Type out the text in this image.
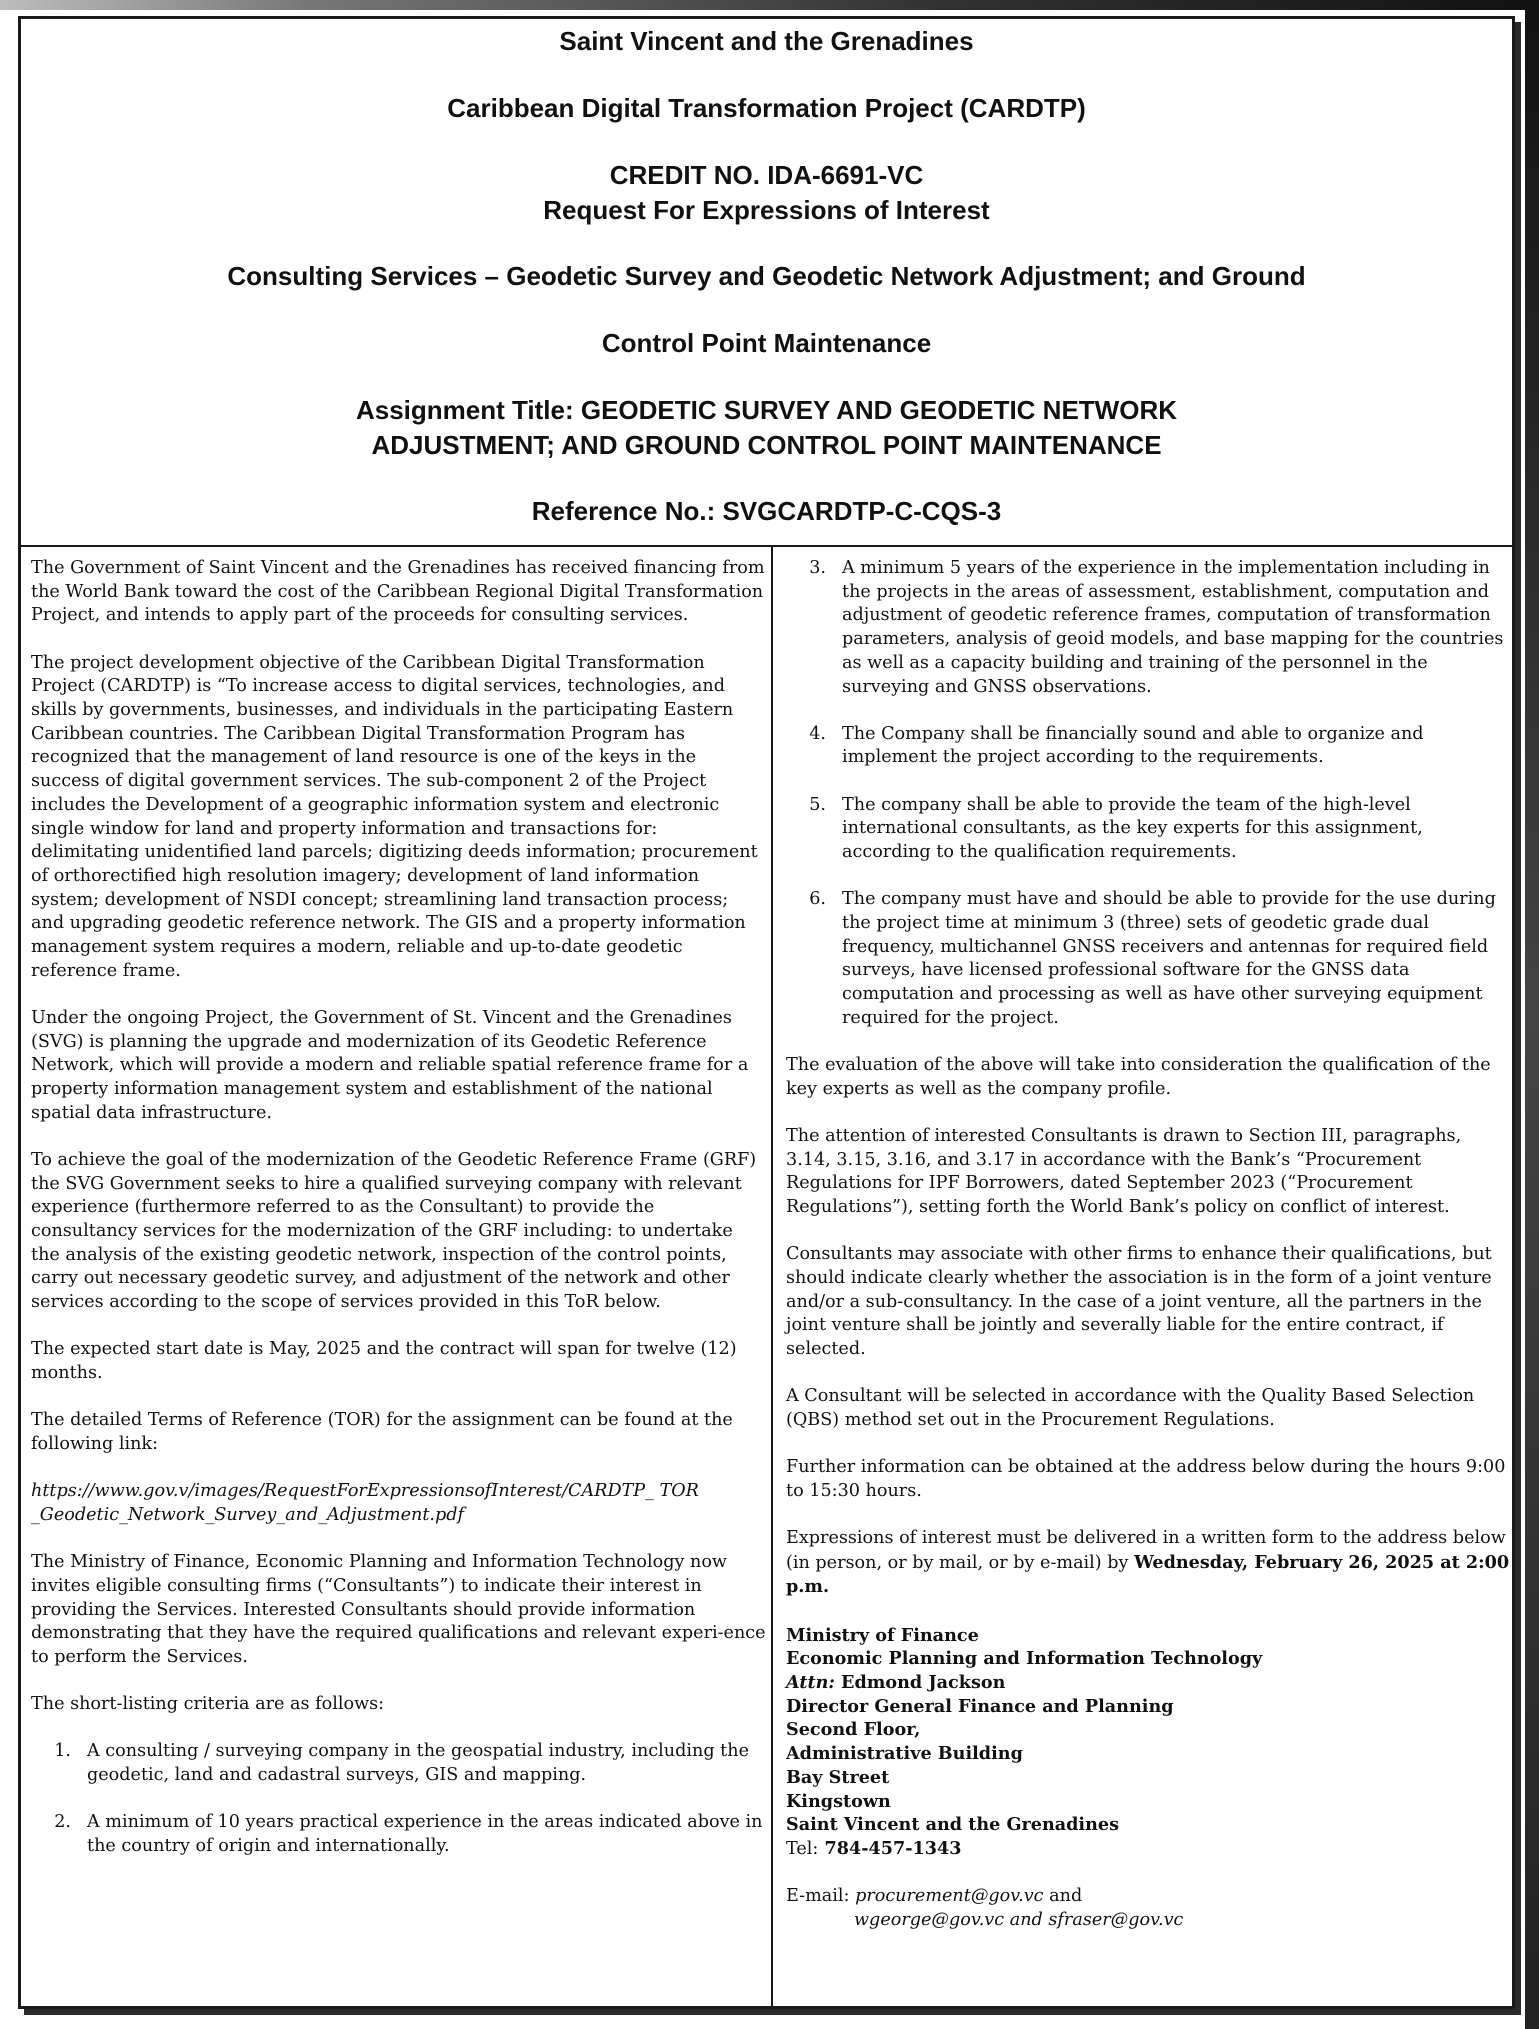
Saint Vincent and the Grenadines
Caribbean Digital Transformation Project (CARDTP)
CREDIT NO. IDA-6691-VC
Request For Expressions of Interest
Consulting Services – Geodetic Survey and Geodetic Network Adjustment; and Ground
Control Point Maintenance
Assignment Title: GEODETIC SURVEY AND GEODETIC NETWORK
ADJUSTMENT; AND GROUND CONTROL POINT MAINTENANCE
Reference No.: SVGCARDTP-C-CQS-3

The Government of Saint Vincent and the Grenadines has received financing from the World Bank toward the cost of the Caribbean Regional Digital Transformation Project, and intends to apply part of the proceeds for consulting services.

The project development objective of the Caribbean Digital Transformation Project (CARDTP) is “To increase access to digital services, technologies, and skills by governments, businesses, and individuals in the participating Eastern Caribbean countries. The Caribbean Digital Transformation Program has recognized that the management of land resource is one of the keys in the success of digital government services. The sub-component 2 of the Project includes the Development of a geographic information system and electronic single window for land and property information and transactions for: delimitating unidentified land parcels; digitizing deeds information; procurement of orthorectified high resolution imagery; development of land information system; development of NSDI concept; streamlining land transaction process; and upgrading geodetic reference network. The GIS and a property information management system requires a modern, reliable and up-to-date geodetic reference frame.

Under the ongoing Project, the Government of St. Vincent and the Grenadines (SVG) is planning the upgrade and modernization of its Geodetic Reference Network, which will provide a modern and reliable spatial reference frame for a property information management system and establishment of the national spatial data infrastructure.

To achieve the goal of the modernization of the Geodetic Reference Frame (GRF) the SVG Government seeks to hire a qualified surveying company with relevant experience (furthermore referred to as the Consultant) to provide the consultancy services for the modernization of the GRF including: to undertake the analysis of the existing geodetic network, inspection of the control points, carry out necessary geodetic survey, and adjustment of the network and other services according to the scope of services provided in this ToR below.

The expected start date is May, 2025 and the contract will span for twelve (12) months.

The detailed Terms of Reference (TOR) for the assignment can be found at the following link:

https://www.gov.v/images/RequestForExpressionsofInterest/CARDTP_ TOR _Geodetic_Network_Survey_and_Adjustment.pdf

The Ministry of Finance, Economic Planning and Information Technology now invites eligible consulting firms (“Consultants”) to indicate their interest in providing the Services. Interested Consultants should provide information demonstrating that they have the required qualifications and relevant experi-ence to perform the Services.

The short-listing criteria are as follows:

1. A consulting / surveying company in the geospatial industry, including the geodetic, land and cadastral surveys, GIS and mapping.
2. A minimum of 10 years practical experience in the areas indicated above in the country of origin and internationally.
3. A minimum 5 years of the experience in the implementation including in the projects in the areas of assessment, establishment, computation and adjustment of geodetic reference frames, computation of transformation parameters, analysis of geoid models, and base mapping for the countries as well as a capacity building and training of the personnel in the surveying and GNSS observations.
4. The Company shall be financially sound and able to organize and implement the project according to the requirements.
5. The company shall be able to provide the team of the high-level international consultants, as the key experts for this assignment, according to the qualification requirements.
6. The company must have and should be able to provide for the use during the project time at minimum 3 (three) sets of geodetic grade dual frequency, multichannel GNSS receivers and antennas for required field surveys, have licensed professional software for the GNSS data computation and processing as well as have other surveying equipment required for the project.

The evaluation of the above will take into consideration the qualification of the key experts as well as the company profile.

The attention of interested Consultants is drawn to Section III, paragraphs, 3.14, 3.15, 3.16, and 3.17 in accordance with the Bank’s “Procurement Regulations for IPF Borrowers, dated September 2023 (“Procurement Regulations”), setting forth the World Bank’s policy on conflict of interest.

Consultants may associate with other firms to enhance their qualifications, but should indicate clearly whether the association is in the form of a joint venture and/or a sub-consultancy. In the case of a joint venture, all the partners in the joint venture shall be jointly and severally liable for the entire contract, if selected.

A Consultant will be selected in accordance with the Quality Based Selection (QBS) method set out in the Procurement Regulations.

Further information can be obtained at the address below during the hours 9:00 to 15:30 hours.

Expressions of interest must be delivered in a written form to the address below (in person, or by mail, or by e-mail) by Wednesday, February 26, 2025 at 2:00 p.m.

Ministry of Finance
Economic Planning and Information Technology
Attn: Edmond Jackson
Director General Finance and Planning
Second Floor,
Administrative Building
Bay Street
Kingstown
Saint Vincent and the Grenadines
Tel: 784-457-1343
E-mail: procurement@gov.vc and
wgeorge@gov.vc and sfraser@gov.vc
